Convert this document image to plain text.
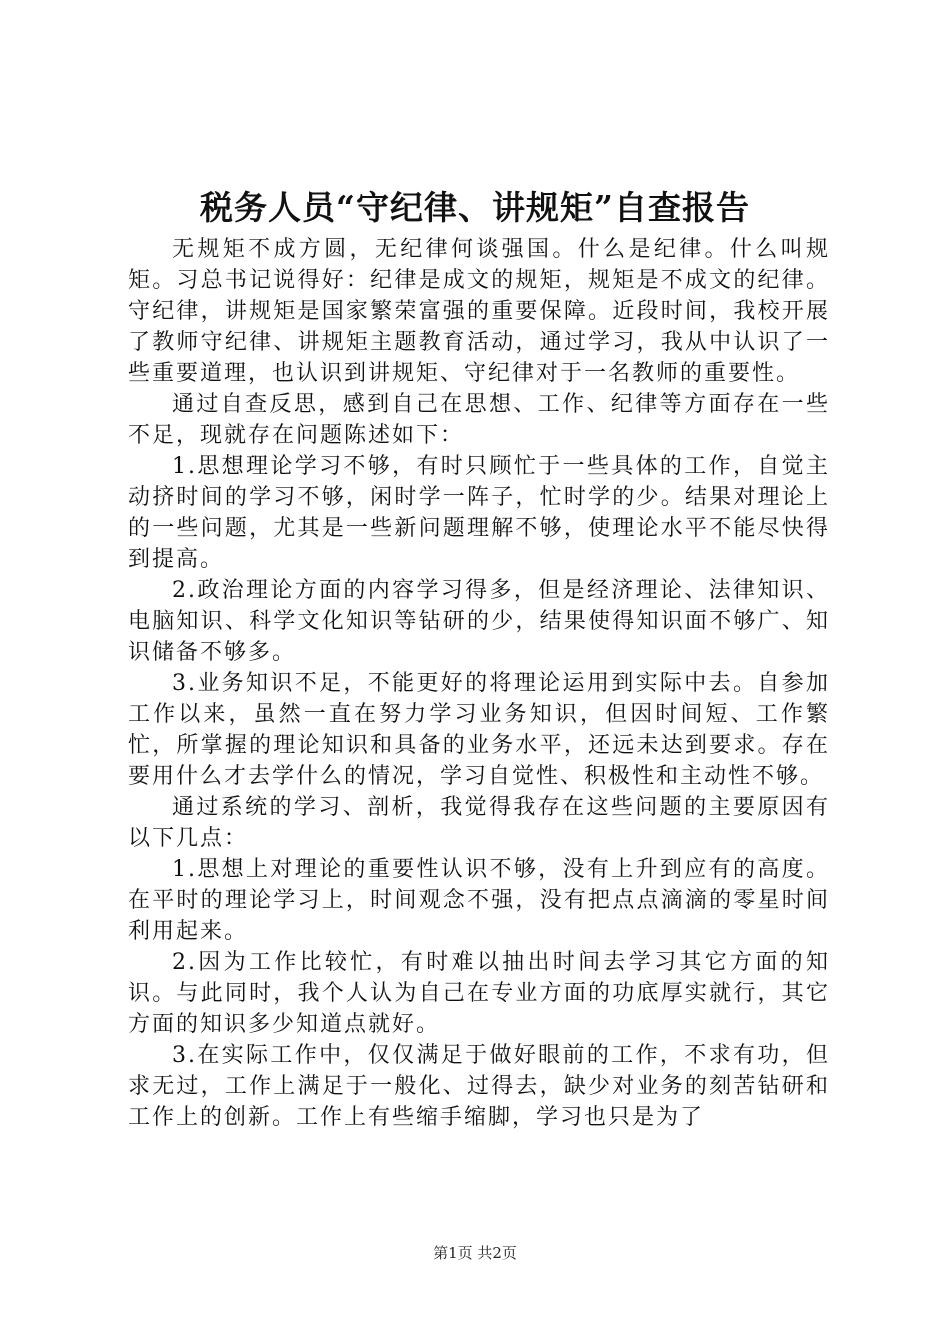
税务人员“守纪律、讲规矩”自查报告

无规矩不成方圆，无纪律何谈强国。什么是纪律。什么叫规矩。习总书记说得好：纪律是成文的规矩，规矩是不成文的纪律。守纪律，讲规矩是国家繁荣富强的重要保障。近段时间，我校开展了教师守纪律、讲规矩主题教育活动，通过学习，我从中认识了一些重要道理，也认识到讲规矩、守纪律对于一名教师的重要性。

通过自查反思，感到自己在思想、工作、纪律等方面存在一些不足，现就存在问题陈述如下：

1.思想理论学习不够，有时只顾忙于一些具体的工作，自觉主动挤时间的学习不够，闲时学一阵子，忙时学的少。结果对理论上的一些问题，尤其是一些新问题理解不够，使理论水平不能尽快得到提高。

2.政治理论方面的内容学习得多，但是经济理论、法律知识、电脑知识、科学文化知识等钻研的少，结果使得知识面不够广、知识储备不够多。

3.业务知识不足，不能更好的将理论运用到实际中去。自参加工作以来，虽然一直在努力学习业务知识，但因时间短、工作繁忙，所掌握的理论知识和具备的业务水平，还远未达到要求。存在要用什么才去学什么的情况，学习自觉性、积极性和主动性不够。

通过系统的学习、剖析，我觉得我存在这些问题的主要原因有以下几点：

1.思想上对理论的重要性认识不够，没有上升到应有的高度。在平时的理论学习上，时间观念不强，没有把点点滴滴的零星时间利用起来。

2.因为工作比较忙，有时难以抽出时间去学习其它方面的知识。与此同时，我个人认为自己在专业方面的功底厚实就行，其它方面的知识多少知道点就好。

3.在实际工作中，仅仅满足于做好眼前的工作，不求有功，但求无过，工作上满足于一般化、过得去，缺少对业务的刻苦钻研和工作上的创新。工作上有些缩手缩脚，学习也只是为了

第1页 共2页
